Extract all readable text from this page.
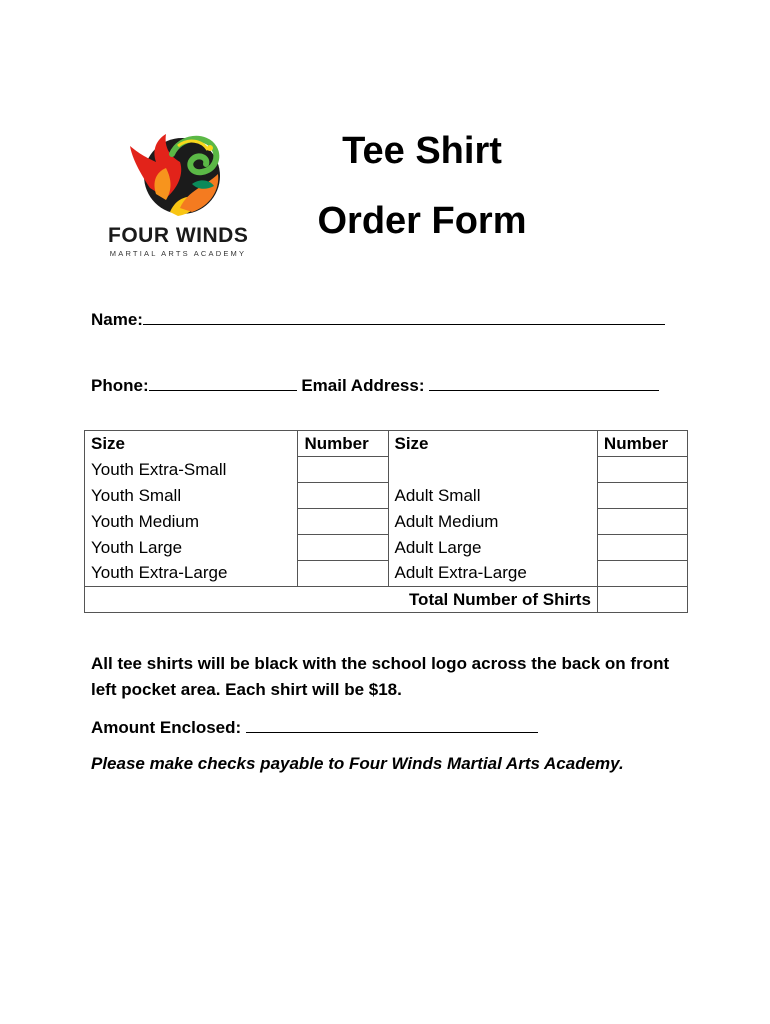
FOUR WINDS
MARTIAL ARTS ACADEMY
Tee Shirt
Order Form
Name:
Phone:	Email Address:
Size	Number	Size	Number
Youth Extra-Small			
Youth Small		Adult Small	
Youth Medium		Adult Medium	
Youth Large		Adult Large	
Youth Extra-Large		Adult Extra-Large	
Total Number of Shirts			
All tee shirts will be black with the school logo across the back on front left pocket area. Each shirt will be $18.
Amount Enclosed:
Please make checks payable to Four Winds Martial Arts Academy.
